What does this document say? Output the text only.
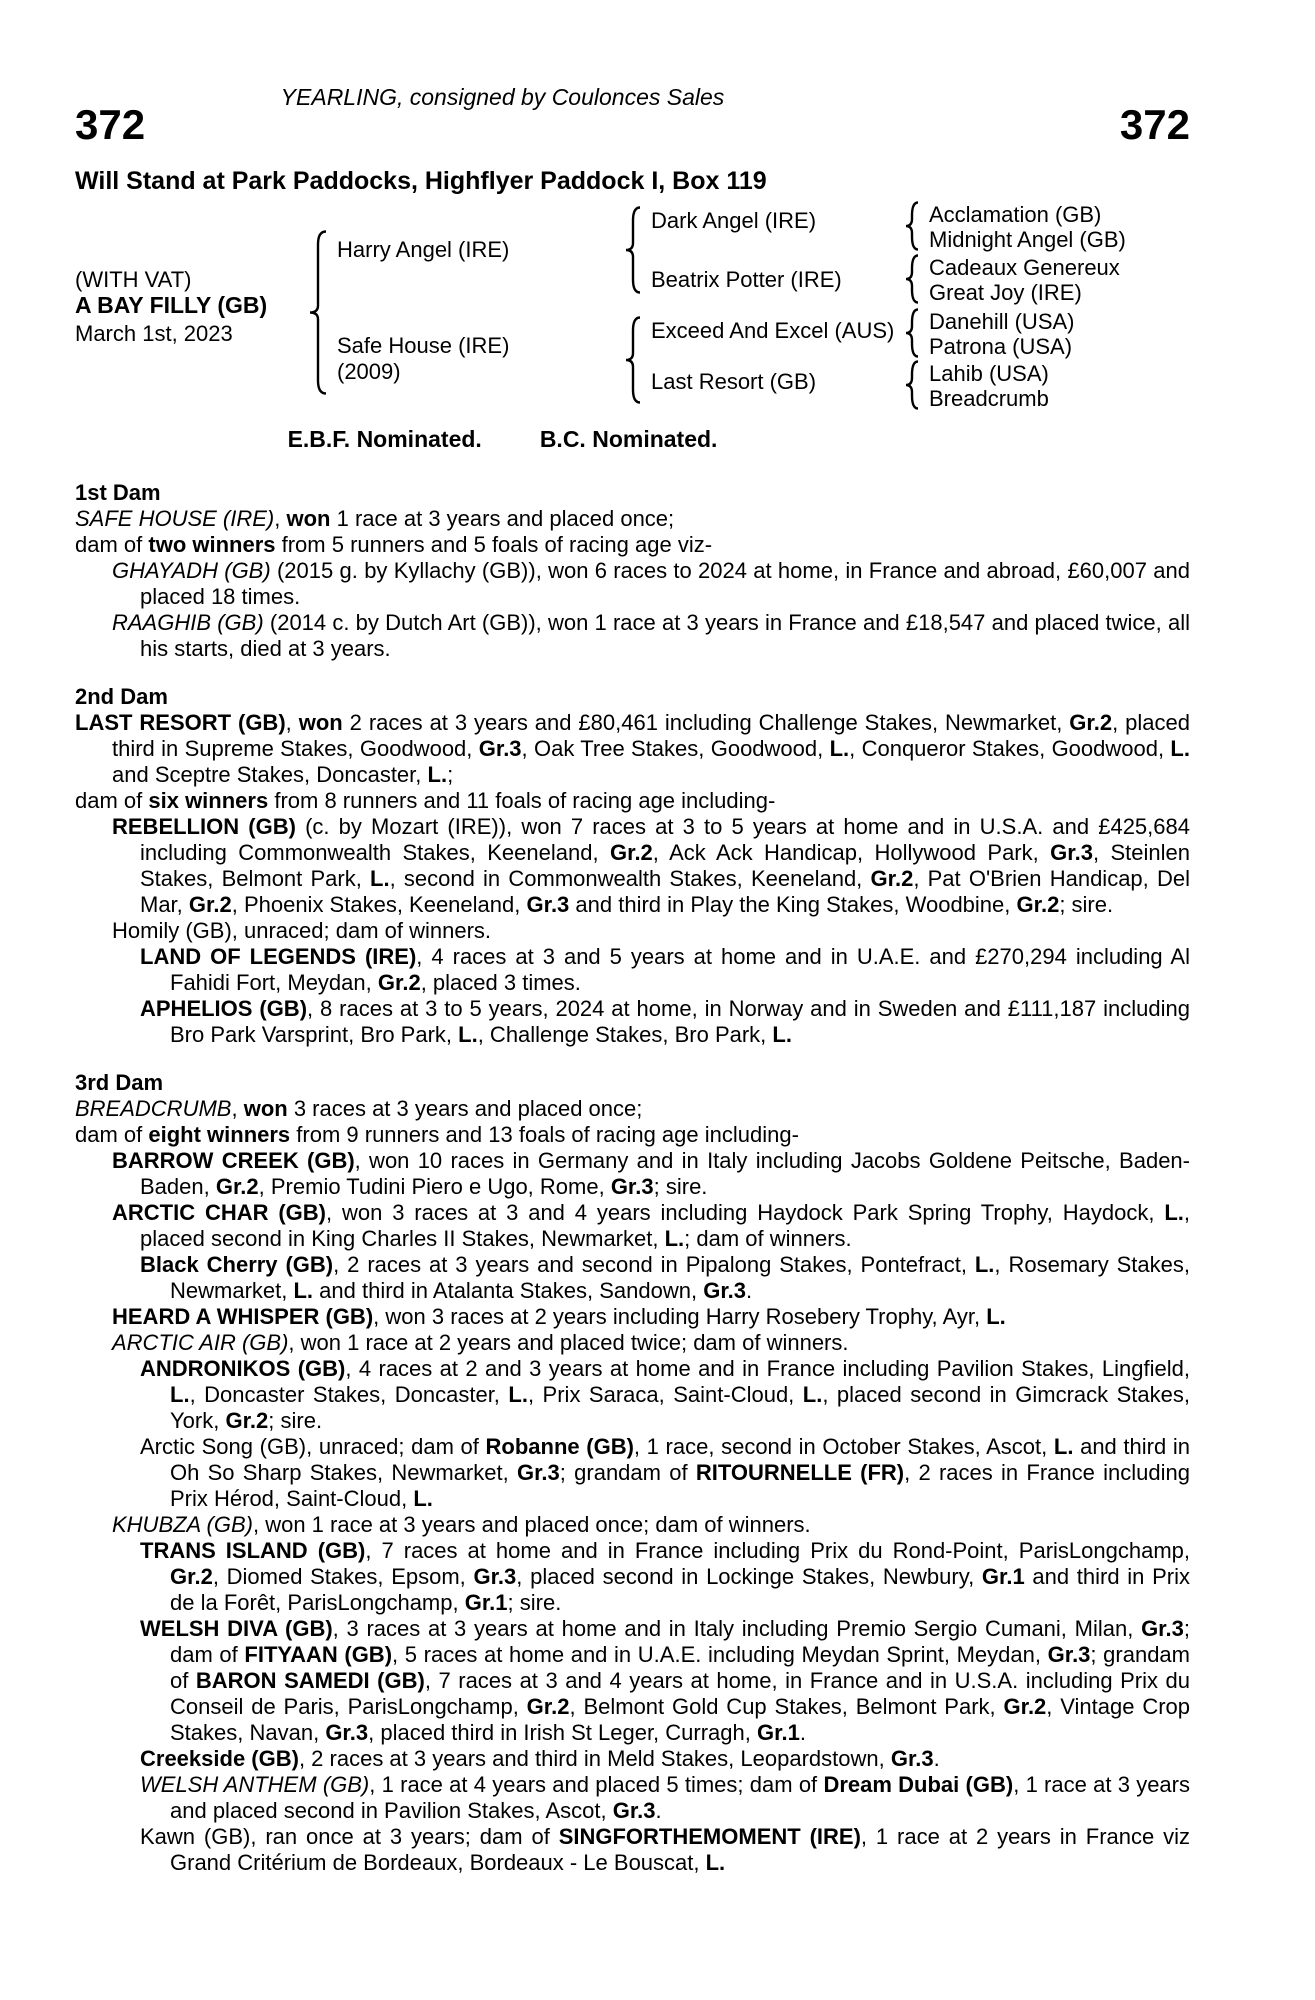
YEARLING, consigned by Coulonces Sales
372	372
Will Stand at Park Paddocks, Highflyer Paddock I, Box 119
(WITH VAT)
A BAY FILLY (GB)
March 1st, 2023
Harry Angel (IRE)
Safe House (IRE)
(2009)
Dark Angel (IRE)
Beatrix Potter (IRE)
Exceed And Excel (AUS)
Last Resort (GB)
Acclamation (GB)
Midnight Angel (GB)
Cadeaux Genereux
Great Joy (IRE)
Danehill (USA)
Patrona (USA)
Lahib (USA)
Breadcrumb
E.B.F. Nominated.	B.C. Nominated.
1st Dam

SAFE HOUSE (IRE), won 1 race at 3 years and placed once;

dam of two winners from 5 runners and 5 foals of racing age viz-

GHAYADH (GB) (2015 g. by Kyllachy (GB)), won 6 races to 2024 at home, in France and abroad, £60,007 and placed 18 times.

RAAGHIB (GB) (2014 c. by Dutch Art (GB)), won 1 race at 3 years in France and £18,547 and placed twice, all his starts, died at 3 years.

2nd Dam

LAST RESORT (GB), won 2 races at 3 years and £80,461 including Challenge Stakes, Newmarket, Gr.2, placed third in Supreme Stakes, Goodwood, Gr.3, Oak Tree Stakes, Goodwood, L., Conqueror Stakes, Goodwood, L. and Sceptre Stakes, Doncaster, L.;

dam of six winners from 8 runners and 11 foals of racing age including-

REBELLION (GB) (c. by Mozart (IRE)), won 7 races at 3 to 5 years at home and in U.S.A. and £425,684 including Commonwealth Stakes, Keeneland, Gr.2, Ack Ack Handicap, Hollywood Park, Gr.3, Steinlen Stakes, Belmont Park, L., second in Commonwealth Stakes, Keeneland, Gr.2, Pat O'Brien Handicap, Del Mar, Gr.2, Phoenix Stakes, Keeneland, Gr.3 and third in Play the King Stakes, Woodbine, Gr.2; sire.

Homily (GB), unraced; dam of winners.

LAND OF LEGENDS (IRE), 4 races at 3 and 5 years at home and in U.A.E. and £270,294 including Al Fahidi Fort, Meydan, Gr.2, placed 3 times.

APHELIOS (GB), 8 races at 3 to 5 years, 2024 at home, in Norway and in Sweden and £111,187 including Bro Park Varsprint, Bro Park, L., Challenge Stakes, Bro Park, L.

3rd Dam

BREADCRUMB, won 3 races at 3 years and placed once;

dam of eight winners from 9 runners and 13 foals of racing age including-

BARROW CREEK (GB), won 10 races in Germany and in Italy including Jacobs Goldene Peitsche, Baden-Baden, Gr.2, Premio Tudini Piero e Ugo, Rome, Gr.3; sire.

ARCTIC CHAR (GB), won 3 races at 3 and 4 years including Haydock Park Spring Trophy, Haydock, L., placed second in King Charles II Stakes, Newmarket, L.; dam of winners.

Black Cherry (GB), 2 races at 3 years and second in Pipalong Stakes, Pontefract, L., Rosemary Stakes, Newmarket, L. and third in Atalanta Stakes, Sandown, Gr.3.

HEARD A WHISPER (GB), won 3 races at 2 years including Harry Rosebery Trophy, Ayr, L.

ARCTIC AIR (GB), won 1 race at 2 years and placed twice; dam of winners.

ANDRONIKOS (GB), 4 races at 2 and 3 years at home and in France including Pavilion Stakes, Lingfield, L., Doncaster Stakes, Doncaster, L., Prix Saraca, Saint-Cloud, L., placed second in Gimcrack Stakes, York, Gr.2; sire.

Arctic Song (GB), unraced; dam of Robanne (GB), 1 race, second in October Stakes, Ascot, L. and third in Oh So Sharp Stakes, Newmarket, Gr.3; grandam of RITOURNELLE (FR), 2 races in France including Prix Hérod, Saint-Cloud, L.

KHUBZA (GB), won 1 race at 3 years and placed once; dam of winners.

TRANS ISLAND (GB), 7 races at home and in France including Prix du Rond-Point, ParisLongchamp, Gr.2, Diomed Stakes, Epsom, Gr.3, placed second in Lockinge Stakes, Newbury, Gr.1 and third in Prix de la Forêt, ParisLongchamp, Gr.1; sire.

WELSH DIVA (GB), 3 races at 3 years at home and in Italy including Premio Sergio Cumani, Milan, Gr.3; dam of FITYAAN (GB), 5 races at home and in U.A.E. including Meydan Sprint, Meydan, Gr.3; grandam of BARON SAMEDI (GB), 7 races at 3 and 4 years at home, in France and in U.S.A. including Prix du Conseil de Paris, ParisLongchamp, Gr.2, Belmont Gold Cup Stakes, Belmont Park, Gr.2, Vintage Crop Stakes, Navan, Gr.3, placed third in Irish St Leger, Curragh, Gr.1.

Creekside (GB), 2 races at 3 years and third in Meld Stakes, Leopardstown, Gr.3.

WELSH ANTHEM (GB), 1 race at 4 years and placed 5 times; dam of Dream Dubai (GB), 1 race at 3 years and placed second in Pavilion Stakes, Ascot, Gr.3.

Kawn (GB), ran once at 3 years; dam of SINGFORTHEMOMENT (IRE), 1 race at 2 years in France viz Grand Critérium de Bordeaux, Bordeaux - Le Bouscat, L.
